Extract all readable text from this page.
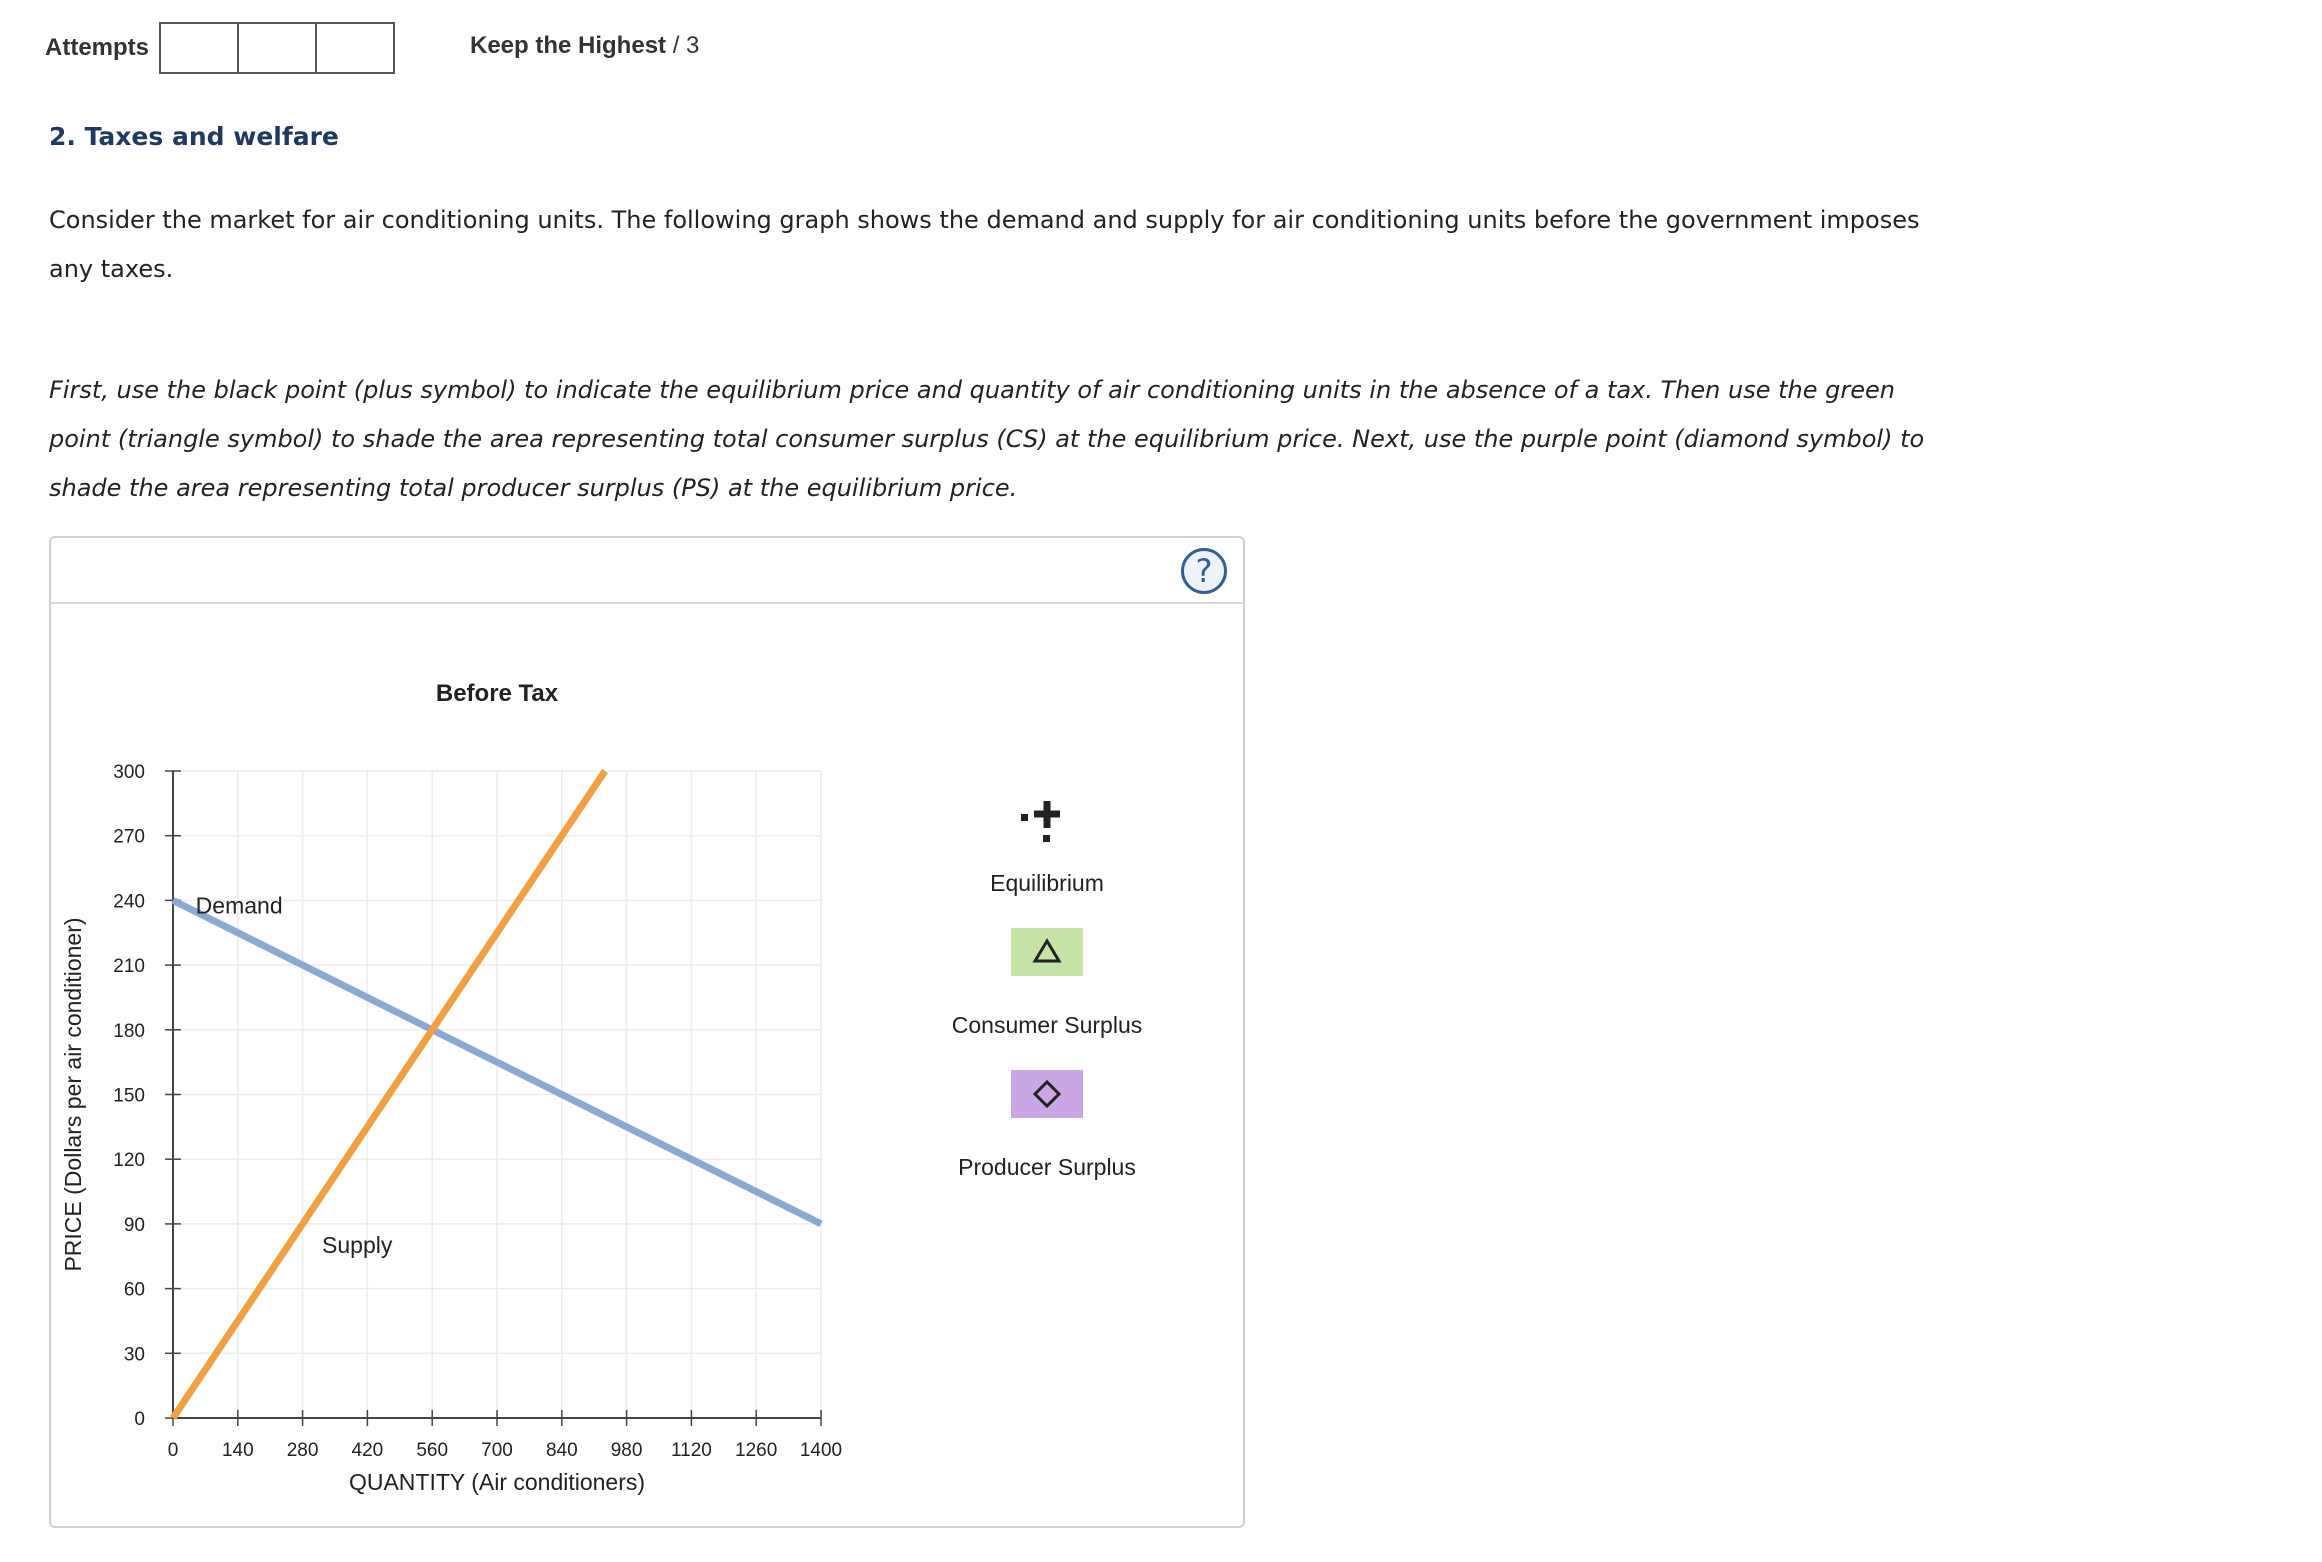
Attempts	Keep the Highest / 3
2. Taxes and welfare
Consider the market for air conditioning units. The following graph shows the demand and supply for air conditioning units before the government imposes any taxes.
First, use the black point (plus symbol) to indicate the equilibrium price and quantity of air conditioning units in the absence of a tax. Then use the green point (triangle symbol) to shade the area representing total consumer surplus (CS) at the equilibrium price. Next, use the purple point (diamond symbol) to shade the area representing total producer surplus (PS) at the equilibrium price.
?
Before Tax
0 140 280 420 560 700 840 980 1120 1260 1400
0
30
60
90
120
150
180
210
240
270
300
Demand
Supply
QUANTITY (Air conditioners)
PRICE (Dollars per air conditioner)
Equilibrium
Consumer Surplus
Producer Surplus
